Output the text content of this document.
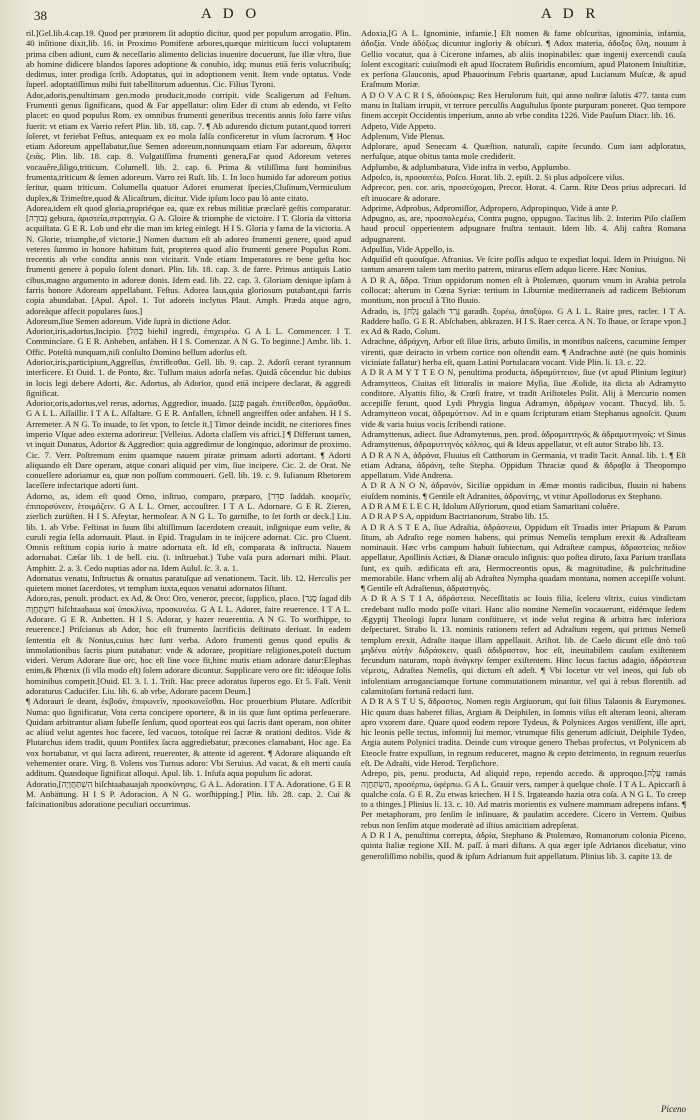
38	A D O	A D R

ril.]Gel.lib.4.cap.19. Quod per prætorem ſit adoptio dicitur, quod per populum arrogatio. Plin. 40 inſitione dixit,lib. 16. in Proximo Pomiferæ arbores,quæque miriticum ſucci voluptatem prima ciben adiunt, cum & neceſſario alimento delicias inuenire docuerunt, ſue illæ vltro, ſiue ab homine didicere blandos ſapores adoptione & conubio, idq; munus etiā feris volucribuſq; dedimus, inter prodiga ſcrib. Adoptatus, qui in adoptionem venit. Item vnde optatus. Vnde ſuperl. adoptatiſſimus mihi fuit tabellitorum aduentus. Cic. Filius Tyroni.

Ador,adoris,penultimam gen.modo producit,modo corripit. vide Scaligerum ad Feſtum. Frumenti genus ſignificans, quod & Far appellatur: olim Eder di ctum ab edendo, vt Feſto placet: eo quod populus Rom. ex omnibus frumenti generibus trecentis annis ſolo farre viſus fuerit: vt etiam ex Varrio refert Plin. lib. 18. cap. 7. ¶ Ab adurendo dictum putant,quod torreri ſoleret, vt feriebat Feſtus, antequam ex eo mola ſalſa conficeretur in vſum ſacrorum. ¶ Hoc etiam Adoreum appellabatur,ſiue Semen adoreum,nonnunquam etiam Far adoreum, ἄλφιτα ζειᾶς. Plin. lib. 18. cap. 8. Vulgatiſſima frumenti genera,Far quod Adoreum veteres vocauêre,ſiligo,triticum. Columell. lib. 2. cap. 6. Prima & vtiliſſima ſunt hominibus frumenta,triticum & ſemen adoreum. Varro rei Ruſt. lib. 1. In loco humido far adoreum potius ſeritur, quam triticum. Columella quatuor Adorei enumerat ſpecies,Cluſinum,Vermiculum duplex,& Trimeſtre,quod & Alicaſtrum, dicitur. Vide ipſum loco pau lò ante citato.

Adorea,idem eſt quod gloria,propriéque ea, quæ ex rebus militiæ præclarè geſtis comparatur. [גְּבוּרָה gebura, ἀριστεῖα,στρατηγία. G A. Gloire & triomphe de victoire. I T. Gloria da vittoria acquiſtata. G E R. Lob und ehr die man im krieg einlegt. H I S. Gloria y fama de la victoria. A N. Glorie, triumphe,of victorie.] Nomen ductum eſt ab adoreo frumenti genere, quod apud veteres ſummo in honore habitum fuit, propterea quod alio frumenti genere Populus Rom. trecentis ab vrbe condita annis non vicitarit. Vnde etiam Imperatores re bene geſta hoc frumenti genere à populo ſolent donari. Plin. lib. 18. cap. 3. de farre. Primus antiquis Latio cibus,magno argumento in adoreæ donis. Idem ead. lib. 22. cap. 3. Gloriam denique ipſam à farris honore Adoream appellabant. Feſtus. Adorea laus,quia gloriosum putabant,qui farris copia abundabat. [Apul. Apol. 1. Tot adoreis inclytus Plaut. Amph. Præda atque agro, adoreàque affecit populares ſuos.]

Adoreum,ſiue Semen adoreum. Vide ſuprà in dictione Ador.

Adorior,iris,adortus,Incipio. [בָּהַל biehil ingredi, ἐπιχειρέω. G A L L. Commencer. I T. Commincíare. G E R. Anheben, anfahen. H I S. Comenzar. A N G. To beginne.] Ambr. lib. 1. Offic. Poteſtà nunquam,niſi conſulto Domino bellum adorſus eſt.

Adorior,iris,participium,Aggreſſus, ἐπιτίθεσθαι. Gell. lib. 9. cap. 2. Adorſi cerant tyrannum interficere. Et Ouid. 1. de Ponto, &c. Tullum maius adorſa nefas. Quidā cõcenduc hic dubius in locis legi debere Adorti, &c. Adortus, ab Adorior, quod etiā incipere declarat, & aggredi ſignificat.

Adorior,oris,adortus,vel rerus, adortus, Aggredior, inuado. [פָּגַע pagah. ἐπιτίθεσθαι, ὁρμᾶσθαι. G A L L. Aſſaillir. I T A L. Aſſaltare. G E R. Anfallen, ſchnell angreiffen oder anfahen. H I S. Arremeter. A N G. To inuade, to ſet vpon, to ſetcle it.] Timor deinde incidit, ne citeriores fines imperio Vſque adeo externa adorireur. [Velleius. Adorta claſſem vis africi.] ¶ Differunt tamen, vt inquit Donatus, Adorior & Aggredior: quia aggredimur de longinquo, adorimur de proximo. Cic. 7. Verr. Poſtremum enim quamque nauem piratæ primam adorti adortant. ¶ Adorti aliquando eſt Dare operam, atque conari aliquid per vim, ſiue incipere. Cic. 2. de Orat. Ne conuellere adoriamur ea, quæ non poſſum commoueri. Gell. lib. 19. c. 9. Iulianum Rhetorem laceſſere infectarique adorti ſunt.

Adorno, as, idem eſt quod Orno, inſtruo, comparo, præparo, [סִדֵּר ſaddah. κοσμεῖν, ἐπιπορσύνειν, ἑτοιμάζειν. G A L L. Orner, accouſtrer. I T A L. Adornare. G E R. Zieren, zierlich zurüſten. H I S. Afeytar, hermoſear. A N G L. To garniſhe, to ſet forth or deck.] Liu. lib. 1. ab Vrbe. Feſtinat in ſuum ſibi altiſſimum ſacerdotem creauit, inſignique eum veſte, & curuli regia ſella adornauit. Plaut. in Epid. Tragulam in te inijcere adornat. Cic. pro Cluent. Omnis reſtitum copia iurio à matre adornata eſt. Id eſt, comparata & inſtructa. Nauem adornabat. Cæſar lib. 1 de bell. ciu. (i. inſtruebat.) Tube vaſa pura adornari mihi. Plaut. Amphitr. 2. a. 3. Cedo nuptias ador na. Idem Aulul. ſc. 3. a. 1.

Adornatus venatu, Inſtructus & ornatus paratuſque ad venationem. Tacit. lib. 12. Herculis per quietem monet ſacerdotes, vt templum iuxta,equos venatui adornatos ſiſtant.

Adoro,ras, penult. product. ex Ad, & Oro: Oro, veneror, precor, ſupplico, placo. [סָגַד ſagad dib חִשְׁתַּחֲוָה hiſchtaaḥaua καὶ ὑποκλίνω, προσκυνέω. G A L L. Adorer, faire reuerence. I T A L. Adorare. G E R. Anbetten. H I S. Adorar, y hazer reuerentia. A N G. To worſhippe, to reuerence.] Priſcianus ab Ador, hoc eſt frumento ſacrificiis deſtinato deriuat. In eadem ſententia eſt & Nonius,cuius hæc ſunt verba. Adoro frumenti genus quod epulis & immolationibus ſacris pium putabatur: vnde & adorare, propitiare religiones,poteſt ductum videri. Verum Adorare ſiue orc, hoc eſt ſine voce fit,hinc mutis etiam adorare datur:Elephas enim,& Phœnix (ſi vlla modo eſt) ſolem adorare dicuntur. Supplicare vero ore fit: idéoque ſolis hominibus competit.[Ouid. El. 3. l. 1. Triſt. Hac prece adoratus ſuperos ego. Et 5. Faſt. Venit adoraturus Caducifer. Liu. lib. 6. ab vrbe, Adorare pacem Deum.]

¶ Adorauri ſe deant, ἐκβοᾶν, ἐπιφωνεῖν, προσκυνεῖσθαι. Hoc prouerbium Plutare. Adſcribit Numa: quo ſignificatur, Vota certa concipere oportere, & in iis quæ ſunt optima perſeuerare. Quidam arbitrantur aliam ſubeſſe ſenſum, quod oporteat eos qui ſacris dant operam, non obiter ac aliud velut agentes hoc facere, ſed vacuos, totoſque rei ſacræ & orationi deditos. Vide & Plutarchus idem tradit, quum Pontifex ſacra aggrediebatur, præcones clamabant, Hoc age. Ea vox hortabatur, vt qui ſacra adirent, reuerenter, & attente id agerent. ¶ Adorare aliquando eſt vehementer orare. Virg. 8. Volens vos Turnus adoro: Vbi Seruius. Ad vacat, & eſt merti cauſa additum. Quandoque ſignificat alloqui. Apul. lib. 1. Inſufa aqua populum ſic adorat.

Adoratio,[הִשְׁתַּחֲוָיָה hiſchtaaḥauajah προσκύνησις. G A L. Adoration. I T A. Adoratione. G E R M. Anbättung. H I S P. Adoracion. A N G. worſhipping.] Plin. lib. 28. cap. 2. Cui & faſcinationibus adoratione peculiari occurrimus.

Adoxia,[G A L. Ignominie, infamie.] Eſt nomen & fame obſcuritas, ignominia, infamia, ἀδοξία. Vnde ἀδόξως dicuntur ingloriy & obſcuri. ¶ Adox materia, ἀδοξος ὕλη, nouum à Gellio vocatur, qua à Cicerone infames, ab aliis inopinabiles: quæ ingenij exercendi cauſa ſolent excogitari: cuiuſmodi eſt apud Iſocratem Buſiridis encomium, apud Platonem Iniuſtitiæ, ex perſona Glauconis, apud Phauorinum Febris quartanæ, apud Lucianum Muſcæ, & apud Eraſmum Moriæ.

A D O V A C R I S, ἀδούακρις: Rex Herulorum fuit, qui anno noſtræ ſalutis 477. tanta cum manu in Italiam irrupit, vt terrore perculſis Auguſtulus ſponte purpuram poneret. Quo tempore finem accepit Occidentis imperium, anno ab vrbe condita 1226. Vide Paulum Diacr. lib. 16.

Adpeto, Vide Appeto.

Adplenum, Vide Plenus.

Adplorare, apud Senecam 4. Quæſtion. naturali, capite ſecundo. Cum iam adploratus, nerfuſque, atque obitus tanta mole crediderit.

Adplumbo, & adplumbatura, Vide infra in verbo, Applumbo.

Adpoſco, is, προσαιτέω, Poſco. Horat. lib. 2. epiſt. 2. Si plus adpoſcere viſus.

Adprecor, pen. cor. aris, προσεύχομαι, Precor. Horat. 4. Carm. Rite Deos prius adprecari. Id eſt inuocare & adorare.

Adprime, Adprobus, Adpromiſſor, Adpropero, Adpropinquo, Vide à ante P.

Adpugno, as, are, προσπολεμέω, Contra pugno, oppugno. Tacitus lib. 2. Interim Piſo claſſem haud procul opperientem adpugnare fruſtra tentauit. Idem lib. 4. Alij caſtra Romana adpugnarent.

Adpulſus, Vide Appello, is.

Adquiſid eſt quouſque. Afranius. Ve ſcire poſſis adquo te expediat loqui. Idem in Priuigno. Ni tantum amarem talem tam merito patrem, mirarus eſſem adquo licere. Hæc Nonius.

A D R A, ἄδρα. Triun oppidorum nomen eſt à Ptolemæo, quorum vnum in Arabia petrola collocat: alterum in Cœna Syriæ: tertium in Liburniæ mediterraneis ad radicem Bebiorum montium, non procul à Tito fluuio.

Adrado, is, [גָּלַח galaċh גָּרַד garadh. ξυρέω, ἀποξύρω. G A L L. Raire pres, racler. I T A. Raddere baſſo. G E R. Abſchaben, abkrazen. H I S. Raer cerca. A N. To ſhaue, or ſcrape vpon.] ex Ad & Rado, Colum.

Adrachne, ἀδράχνη, Arbor eſt ſilue ſtris, arbuto ſimilis, in montibus naſcens, cacumine ſemper virenti, quæ deiracto in vrbem cortice non oſtendit eam. ¶ Andrachne autè (ne quis hominis viciniate fallatur) herba eſt, quam Latini Portulacam vocant. Vide Plin. li. 13. c. 22.

A D R A M Y T T E O N, penultima producta, ἀδραμύττειον, ſiue (vt apud Plinium legitur) Adramytteos, Ciuitas eſt littoralis in maiore Myſia, ſiue Æolide, ita dicta ab Adramytto conditore. Alyattis filio, & Crœſi fratre, vt tradit Ariſtoteles Polit. Alij à Mercurio nomen accepiſſe ferunt, quod Lydi Phrygia lingua Adramyn, ἀδράμυν vocant. Thucyd. lib. 5. Adramytteon vocat, ἀδραμύττιον. Ad in e quam ſcripturam etiam Stephanus agnoſcit. Quum vide & varia huius vocis ſcribendi ratione.

Adramyttenus, adiect. ſiue Adramytenus, pen. prod. ἀδραμυττηνός & ἀδραμυττηνοῖς: vt Sinus Adramyttenus, ἀδραμυττηνὸς κόλπος, qui & Ideus appellatur, vt eſt autor Strabo lib. 13.

A D R A N A, ἀδράνα, Fluuius eſt Catthorum in Germania, vt tradit Tacit. Annal. lib. 1. ¶ Eſt etiam Adrana, ἀδράνη, teſte Stepha. Oppidum Thraciæ quod & ἄδραβα à Theopompo appellatum. Vide Andrena.

A D R A N O N, ἀδρανόν, Siciliæ oppidum in Æmæ montis radicibus, fluuin ni habens eiuſdem nominis. ¶ Gentile eſt Adranites, ἀδρανίτης, vt vtitur Apollodorus ex Stephano.

A D R A M E L E C H, Idolum Aſſyriorum, quod etiam Samaritani coluêre.

A D R A P S A, oppidum Bactrianorum, Strabo lib. 15.

A D R A S T E A, ſiue Adraſtia, ἀδράστεια, Oppidum eſt Troadis inter Priapum & Parum ſitum, ab Adraſto rege nomen habens, qui primus Nemeſis templum erexit & Adraſteam nominauit. Hæc vrbs campum habuit ſubiectum, qui Adraſteæ campus, ἀδραστείας πεδίον appellatur, Apollinis Actiæi, & Dianæ oraculo inſignis: quo poſtea diruto, ſaxa Parium tranſlata ſunt, ex quib. ædificata eſt ara, Hermocreontis opus, & magnitudine, & pulchritudine memorabile. Hanc vrbem alij ab Adraſtea Nympha quadam montana, nomen accepiſſe volunt. ¶ Gentile eſt Adraſtenus, ἀδραστηνός.

A D R A S T I A, ἀδράστεια. Neceſſitatis ac Iouis filia, ſceleru vltrix, cuius vindictam credebant nullo modo poſſe vitari. Hanc alio nomine Nemeſin vocauerunt, eidémque ſedem Ægyptij Theologi ſupra lunam conſtituere, vt inde velut regina & arbitra hæc inferiora deſpectaret. Strabo li. 13. nominis rationem refert ad Adraſtum regem, qui primus Nemeſi templum erexit, Adraſte itaque illam appellauit. Ariſtot. lib. de Caelo dicunt eſſe ἀπὸ τοῦ μηδένα αὐτὴν διδράσκειν, quaſi ἀδιδραστον, hoc eſt, ineuitabilem cauſam exiſtentem fecundum naturam, παρὰ ἀνάγκην ſemper exiſtentem. Hinc locus factus adagio, ἀδράστεια νέμεσις, Adraſtea Nemeſis, qui dictum eſt adeſt. ¶ Vbi locetur vtr vel ineos, qui ſub ob infolentiam arroganciamque fortune commutationem minantur, vel qui à rebus florentib. ad calamitoſam fortunā redacti ſunt.

A D R A S T U S, ἄδραστος. Nomen regis Argiuorum, qui ſuit filius Talaonis & Eurymones. Hic quum duas haberet filias, Argiam & Deiphilen, in ſomnis viſus eſt alteram leoni, alteram apro vxorem dare. Quare quod eodem repore Tydeus, & Polynices Argos veniſſent, ille apri, hic leonis pelle tectus, infomnij ſui memor, vtrumque filis generum adſciuit, Deiphile Tydeo, Argia autem Polynici tradita. Deinde cum vtroque genero Thebas profectus, vt Polynicem ab Eteocle fratre expulſum, in regnum reduceret, magno & cepto detrimento, in regnum reuerſus eſt. De Adraſti, vide Herod. Terpſichore.

Adrepo, pis, penu. producta, Ad aliquid repo, rependo accedo. & approquo.[עָלָה ramás הַשְׂתַּחֲוָה, προσέρπω, ὑφέρπω. G A L. Grauir vers, ramper à quelque choſe. I T A L. Apiccarſi à qualche coſa. G E R. Zu etwas kriechen. H I S. Irgateando hazia otra coſa. A N G L. To creep to a thinges.] Plinius li. 13. c. 10. Ad matris morientis ex vulnere mammam adrepens infans. ¶ Per metaphoram, pro ſenſim ſe inſinuare, & paulatim accedere. Cicero in Verrem. Quibus rebus non ſenſim atque moderatè ad iſtius amicitiam adrepſerat.

A D R I A, penultima correpta, ἀδρία, Stephano & Ptolemæo, Romanorum colonia Piceno, quinta Italiæ regione XII. M. paſſ. à mari diſtans. A qua æger ipſe Adrianos dicebatur, vino generoſiſſimo nobilis, quod & ipſum Adrianum fuit appellatum. Plinius lib. 3. capite 13. de

Piceno
